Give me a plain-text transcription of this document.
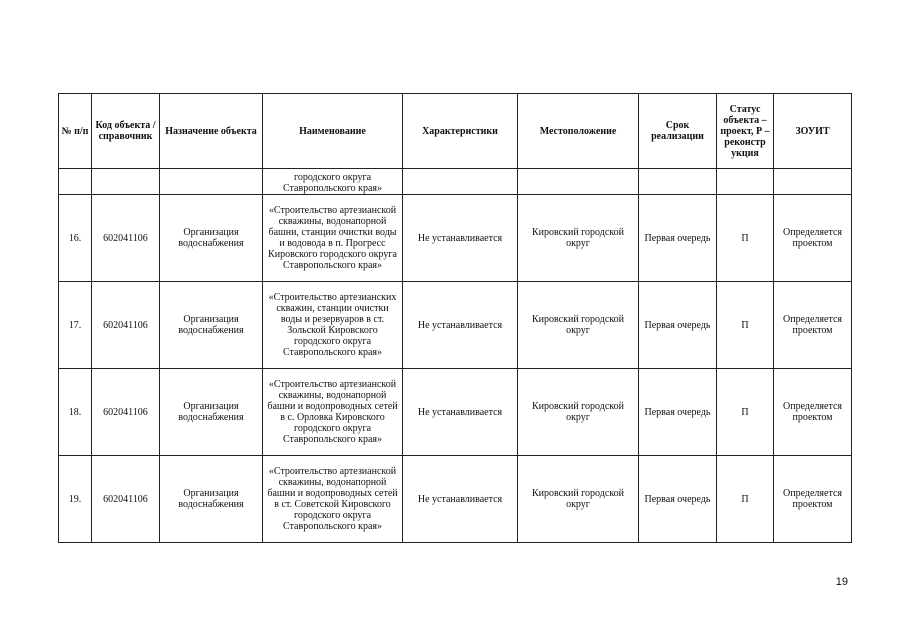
№ п/п	Код объекта / справочник	Назначение объекта	Наименование	Характеристики	Местоположение	Срок реализации	Статус объекта – проект, Р – реконстр укция	ЗОУИТ
			городского округа Ставропольского края»					
16.	602041106	Организация водоснабжения	«Строительство артезианской скважины, водонапорной башни, станции очистки воды и водовода в п. Прогресс Кировского городского округа Ставропольского края»	Не устанавливается	Кировский городской округ	Первая очередь	П	Определяется проектом
17.	602041106	Организация водоснабжения	«Строительство артезианских скважин, станции очистки воды и резервуаров в ст. Зольской Кировского городского округа Ставропольского края»	Не устанавливается	Кировский городской округ	Первая очередь	П	Определяется проектом
18.	602041106	Организация водоснабжения	«Строительство артезианской скважины, водонапорной башни и водопроводных сетей в с. Орловка Кировского городского округа Ставропольского края»	Не устанавливается	Кировский городской округ	Первая очередь	П	Определяется проектом
19.	602041106	Организация водоснабжения	«Строительство артезианской скважины, водонапорной башни и водопроводных сетей в ст. Советской Кировского городского округа Ставропольского края»	Не устанавливается	Кировский городской округ	Первая очередь	П	Определяется проектом
19
